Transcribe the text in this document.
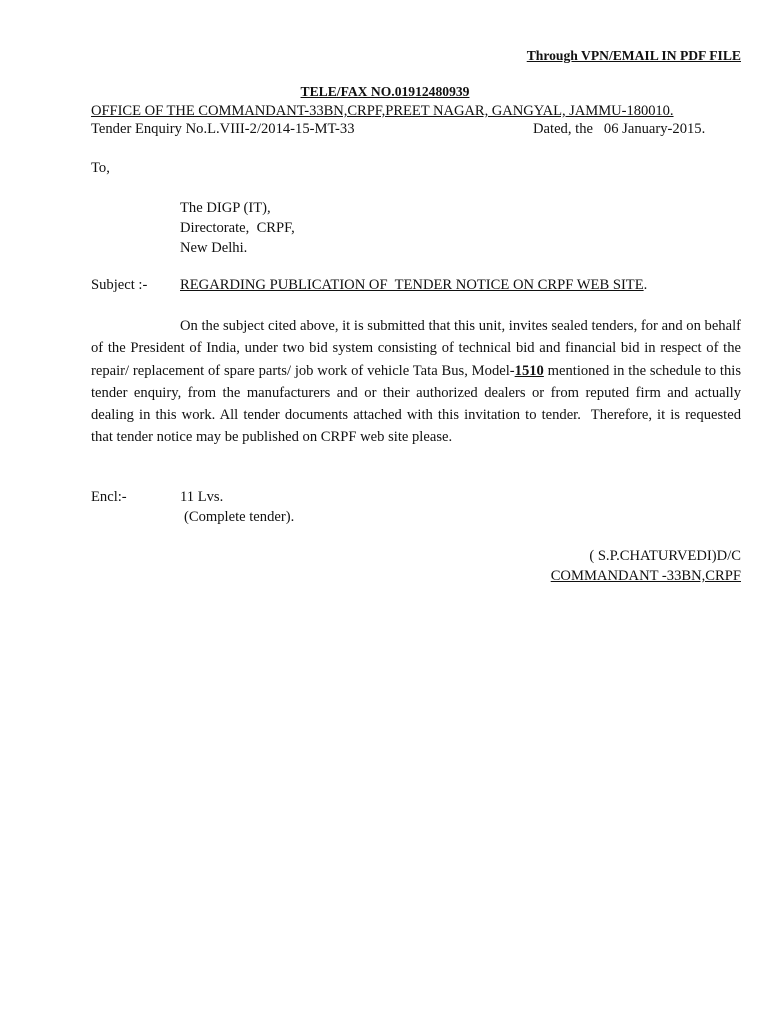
Through VPN/EMAIL IN PDF FILE
TELE/FAX NO.01912480939
OFFICE OF THE COMMANDANT-33BN,CRPF,PREET NAGAR, GANGYAL, JAMMU-180010.
Tender Enquiry No.L.VIII-2/2014-15-MT-33	Dated, the   06 January-2015.
To,
The DIGP (IT),
Directorate,  CRPF,
New Delhi.
Subject :- REGARDING PUBLICATION OF  TENDER NOTICE ON CRPF WEB SITE.
On the subject cited above, it is submitted that this unit, invites sealed tenders, for and on behalf of the President of India, under two bid system consisting of technical bid and financial bid in respect of the repair/ replacement of spare parts/ job work of vehicle Tata Bus, Model-1510 mentioned in the schedule to this tender enquiry, from the manufacturers and or their authorized dealers or from reputed firm and actually dealing in this work. All tender documents attached with this invitation to tender.  Therefore, it is requested   that tender notice may be published on CRPF web site please.
Encl:-	11 Lvs.
(Complete tender).
( S.P.CHATURVEDI)D/C
COMMANDANT -33BN,CRPF
